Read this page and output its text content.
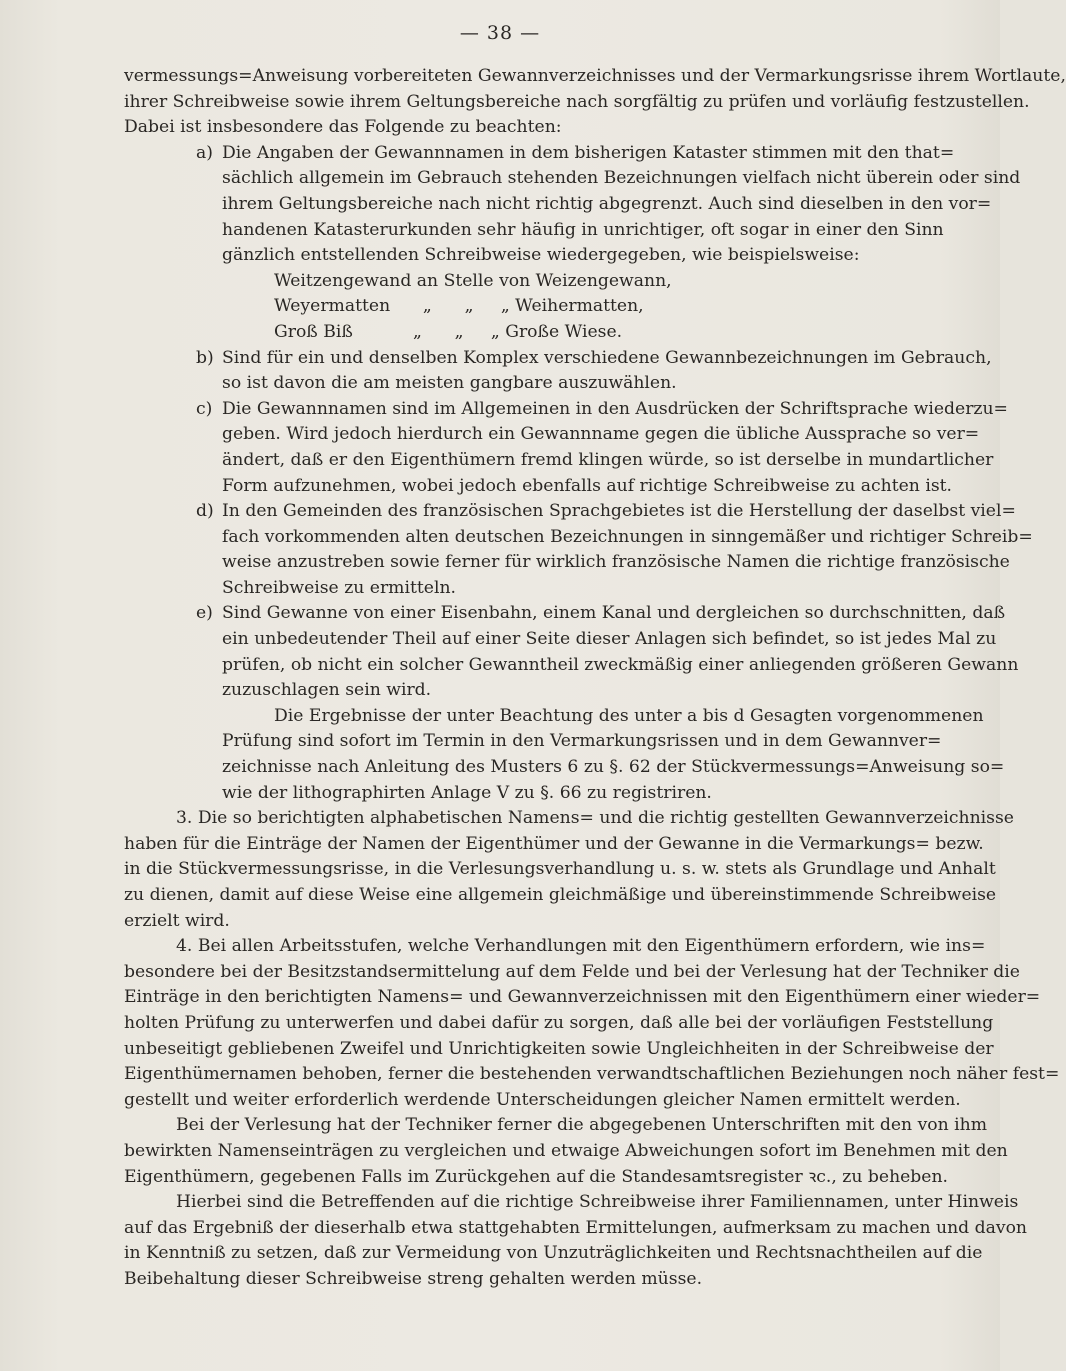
— 38 —
vermessungs=Anweisung vorbereiteten Gewannverzeichnisses und der Vermarkungsrisse ihrem Wortlaute,
ihrer Schreibweise sowie ihrem Geltungsbereiche nach sorgfältig zu prüfen und vorläufig festzustellen.
Dabei ist insbesondere das Folgende zu beachten:
a) Die Angaben der Gewannnamen in dem bisherigen Kataster stimmen mit den that=
sächlich allgemein im Gebrauch stehenden Bezeichnungen vielfach nicht überein oder sind
ihrem Geltungsbereiche nach nicht richtig abgegrenzt. Auch sind dieselben in den vor=
handenen Katasterurkunden sehr häufig in unrichtiger, oft sogar in einer den Sinn
gänzlich entstellenden Schreibweise wiedergegeben, wie beispielsweise:
Weitzengewand an Stelle von Weizengewann,
Weyermatten      „      „     „ Weihermatten,
Groß Biß           „      „     „ Große Wiese.
b) Sind für ein und denselben Komplex verschiedene Gewannbezeichnungen im Gebrauch,
so ist davon die am meisten gangbare auszuwählen.
c) Die Gewannnamen sind im Allgemeinen in den Ausdrücken der Schriftsprache wiederzu=
geben. Wird jedoch hierdurch ein Gewannname gegen die übliche Aussprache so ver=
ändert, daß er den Eigenthümern fremd klingen würde, so ist derselbe in mundartlicher
Form aufzunehmen, wobei jedoch ebenfalls auf richtige Schreibweise zu achten ist.
d) In den Gemeinden des französischen Sprachgebietes ist die Herstellung der daselbst viel=
fach vorkommenden alten deutschen Bezeichnungen in sinngemäßer und richtiger Schreib=
weise anzustreben sowie ferner für wirklich französische Namen die richtige französische
Schreibweise zu ermitteln.
e) Sind Gewanne von einer Eisenbahn, einem Kanal und dergleichen so durchschnitten, daß
ein unbedeutender Theil auf einer Seite dieser Anlagen sich befindet, so ist jedes Mal zu
prüfen, ob nicht ein solcher Gewanntheil zweckmäßig einer anliegenden größeren Gewann
zuzuschlagen sein wird.
Die Ergebnisse der unter Beachtung des unter a bis d Gesagten vorgenommenen
Prüfung sind sofort im Termin in den Vermarkungsrissen und in dem Gewannver=
zeichnisse nach Anleitung des Musters 6 zu §. 62 der Stückvermessungs=Anweisung so=
wie der lithographirten Anlage V zu §. 66 zu registriren.
3. Die so berichtigten alphabetischen Namens= und die richtig gestellten Gewannverzeichnisse
haben für die Einträge der Namen der Eigenthümer und der Gewanne in die Vermarkungs= bezw.
in die Stückvermessungsrisse, in die Verlesungsverhandlung u. s. w. stets als Grundlage und Anhalt
zu dienen, damit auf diese Weise eine allgemein gleichmäßige und übereinstimmende Schreibweise
erzielt wird.
4. Bei allen Arbeitsstufen, welche Verhandlungen mit den Eigenthümern erfordern, wie ins=
besondere bei der Besitzstandsermittelung auf dem Felde und bei der Verlesung hat der Techniker die
Einträge in den berichtigten Namens= und Gewannverzeichnissen mit den Eigenthümern einer wieder=
holten Prüfung zu unterwerfen und dabei dafür zu sorgen, daß alle bei der vorläufigen Feststellung
unbeseitigt gebliebenen Zweifel und Unrichtigkeiten sowie Ungleichheiten in der Schreibweise der
Eigenthümernamen behoben, ferner die bestehenden verwandtschaftlichen Beziehungen noch näher fest=
gestellt und weiter erforderlich werdende Unterscheidungen gleicher Namen ermittelt werden.
Bei der Verlesung hat der Techniker ferner die abgegebenen Unterschriften mit den von ihm
bewirkten Namenseinträgen zu vergleichen und etwaige Abweichungen sofort im Benehmen mit den
Eigenthümern, gegebenen Falls im Zurückgehen auf die Standesamtsregister ꝛc., zu beheben.
Hierbei sind die Betreffenden auf die richtige Schreibweise ihrer Familiennamen, unter Hinweis
auf das Ergebniß der dieserhalb etwa stattgehabten Ermittelungen, aufmerksam zu machen und davon
in Kenntniß zu setzen, daß zur Vermeidung von Unzuträglichkeiten und Rechtsnachtheilen auf die
Beibehaltung dieser Schreibweise streng gehalten werden müsse.
